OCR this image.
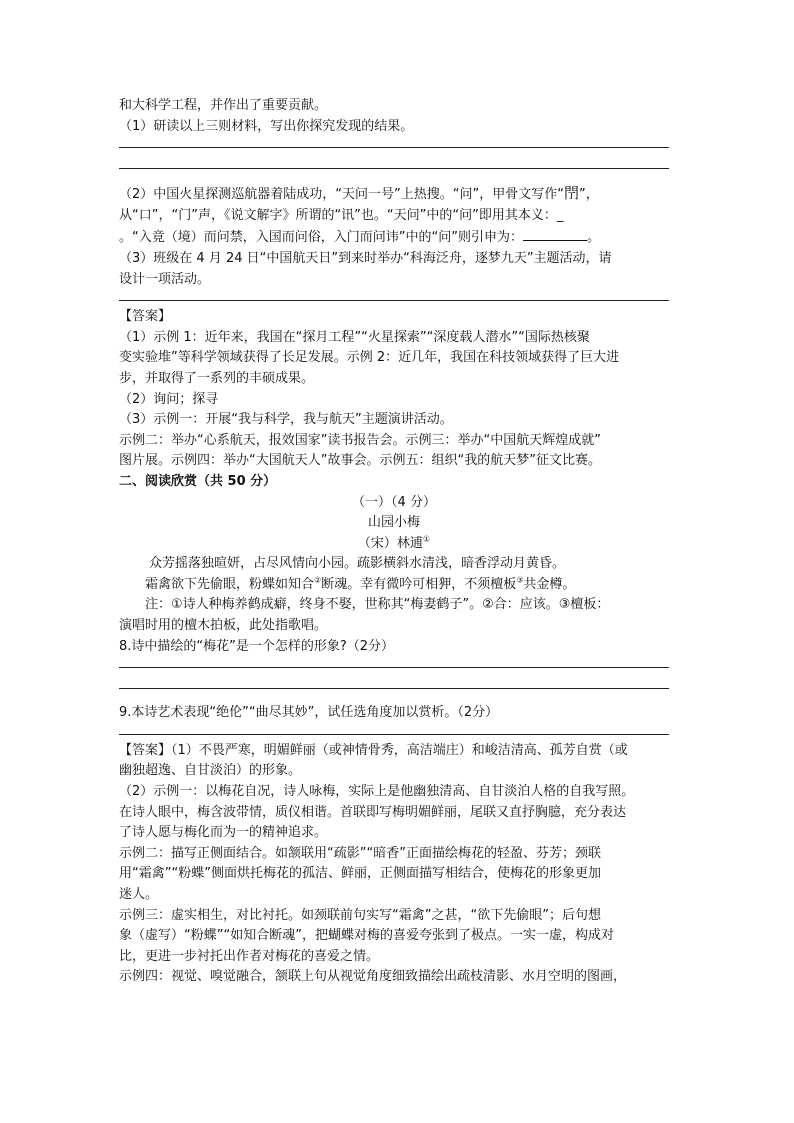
和大科学工程，并作出了重要贡献。
（1）研读以上三则材料，写出你探究发现的结果。
（2）中国火星探测巡航器着陆成功，“天问一号”上热搜。“问”，甲骨文写作“閅”，
从“口”，“门”声，《说文解字》所谓的“讯”也。“天问”中的“问”即用其本义：_
。“入竟（境）而问禁，入国而问俗，入门而问讳”中的“问”则引申为：	。
（3）班级在 4 月 24 日“中国航天日”到来时举办“科海泛舟，逐梦九天”主题活动，请
设计一项活动。
【答案】
（1）示例 1：近年来，我国在“探月工程”“火星探索”“深度载人潜水”“国际热核聚
变实验堆”等科学领域获得了长足发展。示例 2：近几年，我国在科技领域获得了巨大进
步，并取得了一系列的丰硕成果。
（2）询问；探寻
（3）示例一：开展“我与科学，我与航天”主题演讲活动。
示例二：举办“心系航天，报效国家”读书报告会。示例三：举办“中国航天辉煌成就”
图片展。示例四：举办“大国航天人”故事会。示例五：组织“我的航天梦”征文比赛。
二、阅读欣赏（共 50 分）
（一）（4 分）
山园小梅
（宋）林逋①
众芳摇落独暄妍，占尽风情向小园。疏影横斜水清浅，暗香浮动月黄昏。
霜禽欲下先偷眼，粉蝶如知合②断魂。幸有微吟可相狎，不须檀板③共金樽。
注：①诗人种梅养鹤成癖，终身不娶，世称其“梅妻鹤子”。②合：应该。③檀板：
演唱时用的檀木拍板，此处指歌唱。
8.诗中描绘的“梅花”是一个怎样的形象?（2分）
9.本诗艺术表现“绝伦”“曲尽其妙”，试任选角度加以赏析。（2分）
【答案】（1）不畏严寒，明媚鲜丽（或神情骨秀，高洁端庄）和峻洁清高、孤芳自赏（或
幽独超逸、自甘淡泊）的形象。
（2）示例一：以梅花自况，诗人咏梅，实际上是他幽独清高、自甘淡泊人格的自我写照。
在诗人眼中，梅含波带情，质仪相谐。首联即写梅明媚鲜丽，尾联又直抒胸臆，充分表达
了诗人愿与梅化而为一的精神追求。
示例二：描写正侧面结合。如颔联用“疏影”“暗香”正面描绘梅花的轻盈、芬芳；颈联
用“霜禽”“粉蝶”侧面烘托梅花的孤洁、鲜丽，正侧面描写相结合，使梅花的形象更加
迷人。
示例三：虚实相生，对比衬托。如颈联前句实写“霜禽”之甚，“欲下先偷眼”；后句想
象（虚写）“粉蝶”“如知合断魂”，把蝴蝶对梅的喜爱夸张到了极点。一实一虚，构成对
比，更进一步衬托出作者对梅花的喜爱之情。
示例四：视觉、嗅觉融合，颔联上句从视觉角度细致描绘出疏枝清影、水月空明的图画，
